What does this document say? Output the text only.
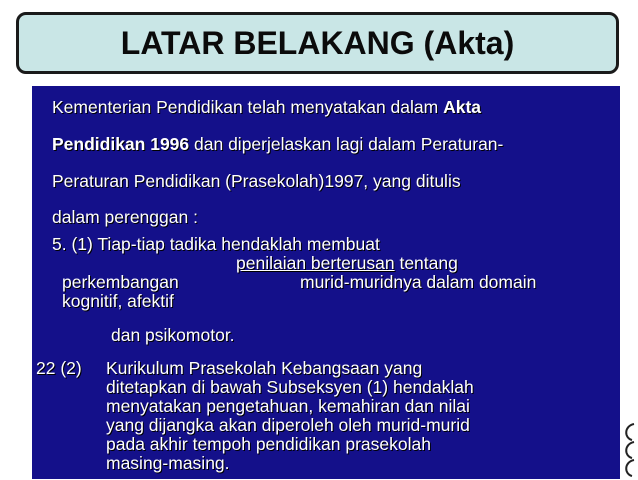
LATAR BELAKANG (Akta)
Kementerian Pendidikan telah menyatakan dalam Akta
Pendidikan 1996 dan diperjelaskan lagi dalam Peraturan-
Peraturan Pendidikan (Prasekolah)1997, yang ditulis
dalam perenggan :
5. (1) Tiap-tiap tadika hendaklah membuat
penilaian berterusan tentang
perkembangan	murid-muridnya dalam domain
kognitif, afektif
dan psikomotor.
22 (2) Kurikulum Prasekolah Kebangsaan yang
ditetapkan di bawah Subseksyen (1) hendaklah
menyatakan pengetahuan, kemahiran dan nilai
yang dijangka akan diperoleh oleh murid-murid
pada akhir tempoh pendidikan prasekolah
masing-masing.
